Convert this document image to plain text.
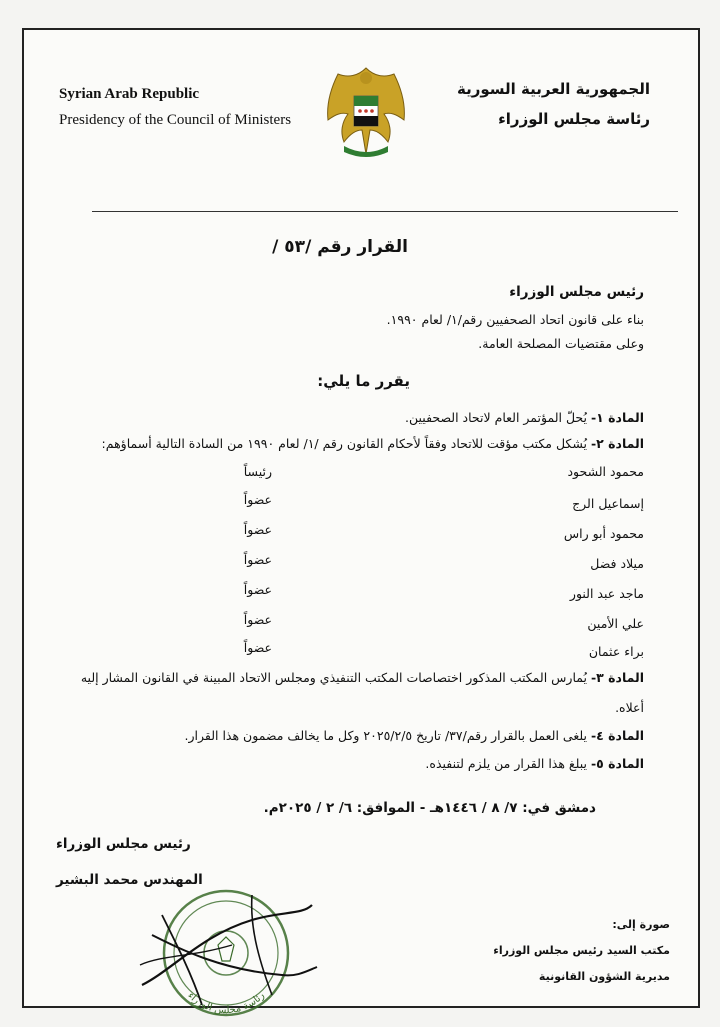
Syrian Arab Republic
Presidency of the Council of Ministers
الجمهورية العربية السورية
رئاسة مجلس الوزراء
القرار رقم /٥٣ /
رئيس مجلس الوزراء
بناء على قانون اتحاد الصحفيين رقم/١/ لعام ١٩٩٠.
وعلى مقتضيات المصلحة العامة.
يقرر ما يلي:
المادة ١- يُحلّ المؤتمر العام لاتحاد الصحفيين.
المادة ٢- يُشكل مكتب مؤقت للاتحاد وفقاً لأحكام القانون رقم /١/ لعام ١٩٩٠ من السادة التالية أسماؤهم:
محمود الشحود
رئيساً
إسماعيل الرج
عضواً
محمود أبو راس
عضواً
ميلاد فضل
عضواً
ماجد عبد النور
عضواً
علي الأمين
عضواً
براء عثمان
عضواً
المادة ٣- يُمارس المكتب المذكور اختصاصات المكتب التنفيذي ومجلس الاتحاد المبينة في القانون المشار إليه
أعلاه.
المادة ٤- يلغى العمل بالقرار رقم/٣٧/ تاريخ ٢٠٢٥/٢/٥ وكل ما يخالف مضمون هذا القرار.
المادة ٥- يبلغ هذا القرار من يلزم لتنفيذه.
دمشق في: ٧/ ٨ / ١٤٤٦هـ - الموافق: ٦/ ٢ / ٢٠٢٥م.
رئيس مجلس الوزراء
المهندس محمد البشير
رئاسة مجلس الوزراء
صورة إلى:
مكتب السيد رئيس مجلس الوزراء
مديرية الشؤون القانونية
